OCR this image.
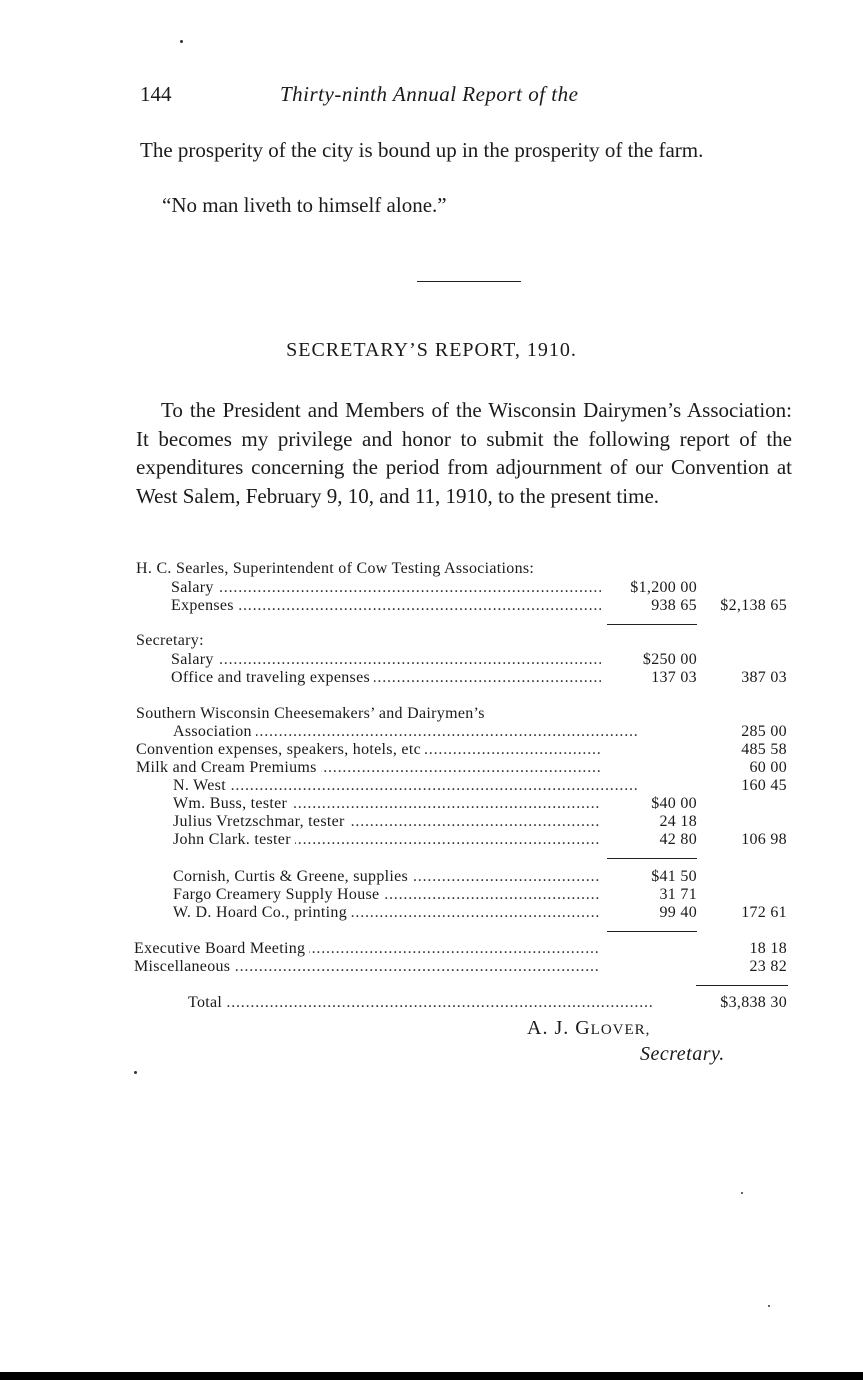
144	Thirty-ninth Annual Report of the

The prosperity of the city is bound up in the prosperity of the farm.

“No man liveth to himself alone.”

SECRETARY’S REPORT, 1910.

To the President and Members of the Wisconsin Dairymen’s Association: It becomes my privilege and honor to submit the following report of the expenditures concerning the period from adjournment of our Convention at West Salem, February 9, 10, and 11, 1910, to the present time.

H. C. Searles, Superintendent of Cow Testing Associations:
Salary . . .	$1,200 00
Expenses . . .	938 65 $2,138 65
Secretary:
Salary . . .	$250 00
Office and traveling expenses . . .	137 03	387 03
Southern Wisconsin Cheesemakers’ and Dairymen’s
Association . . .	285 00
Convention expenses, speakers, hotels, etc . . .	485 58
Milk and Cream Premiums . . .	60 00
N. West . . .	160 45
Wm. Buss, tester . . .	$40 00
Julius Vretzschmar, tester . . .	24 18
John Clark. tester . . .	42 80	106 98
Cornish, Curtis & Greene, supplies . . .	$41 50
Fargo Creamery Supply House . . .	31 71
W. D. Hoard Co., printing . . .	99 40	172 61
Executive Board Meeting . . .	18 18
Miscellaneous . . .	23 82
Total . . .	$3,838 30
A. J. GLOVER,
Secretary.
